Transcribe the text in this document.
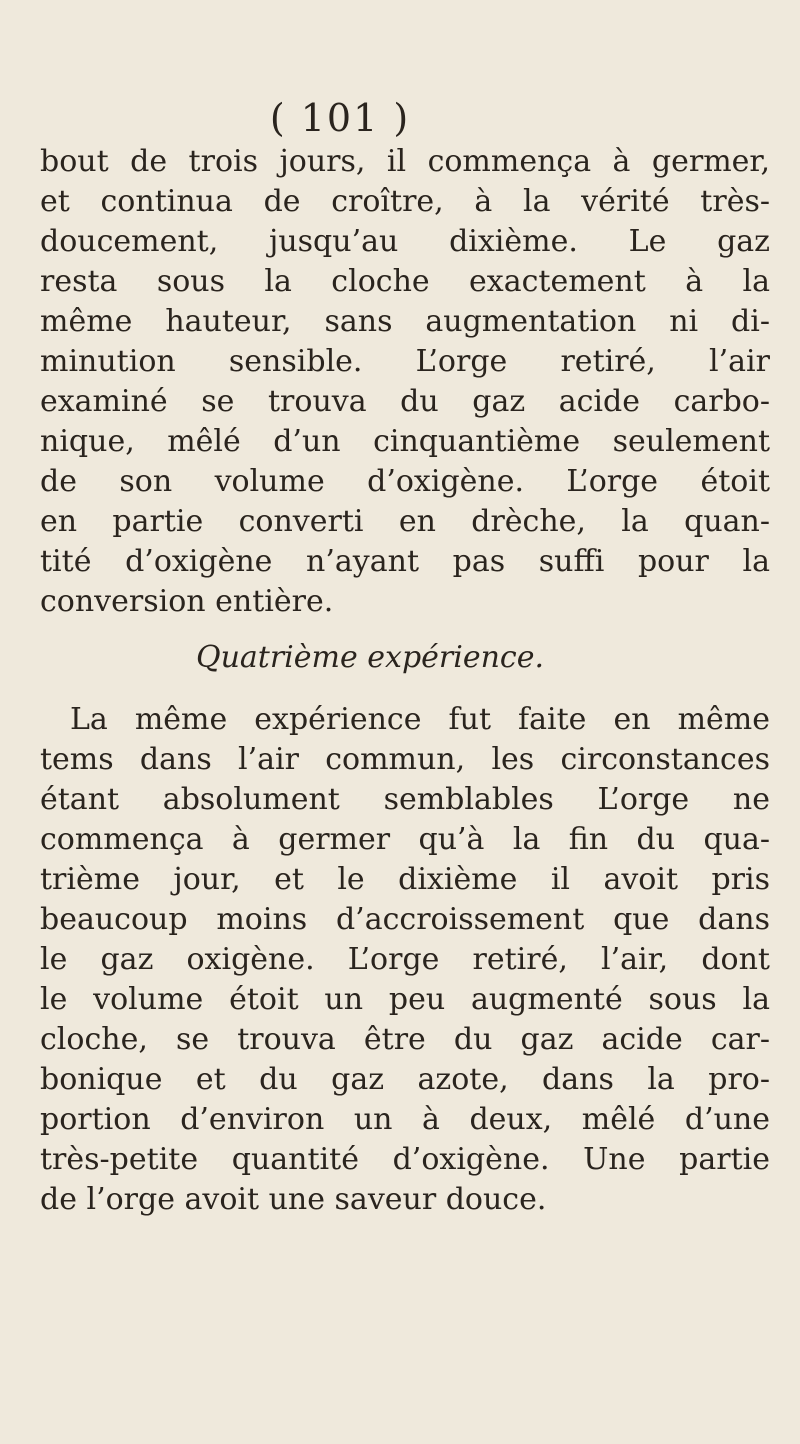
( 101 )
bout de trois jours, il commença à germer,
et continua de croître, à la vérité très-
doucement, jusqu’au dixième. Le gaz
resta sous la cloche exactement à la
même hauteur, sans augmentation ni di-
minution sensible. L’orge retiré, l’air
examiné se trouva du gaz acide carbo-
nique, mêlé d’un cinquantième seulement
de son volume d’oxigène. L’orge étoit
en partie converti en drèche, la quan-
tité d’oxigène n’ayant pas suffi pour la
conversion entière.
Quatrième expérience.
La même expérience fut faite en même
tems dans l’air commun, les circonstances
étant absolument semblables L’orge ne
commença à germer qu’à la fin du qua-
trième jour, et le dixième il avoit pris
beaucoup moins d’accroissement que dans
le gaz oxigène. L’orge retiré, l’air, dont
le volume étoit un peu augmenté sous la
cloche, se trouva être du gaz acide car-
bonique et du gaz azote, dans la pro-
portion d’environ un à deux, mêlé d’une
très-petite quantité d’oxigène. Une partie
de l’orge avoit une saveur douce.
